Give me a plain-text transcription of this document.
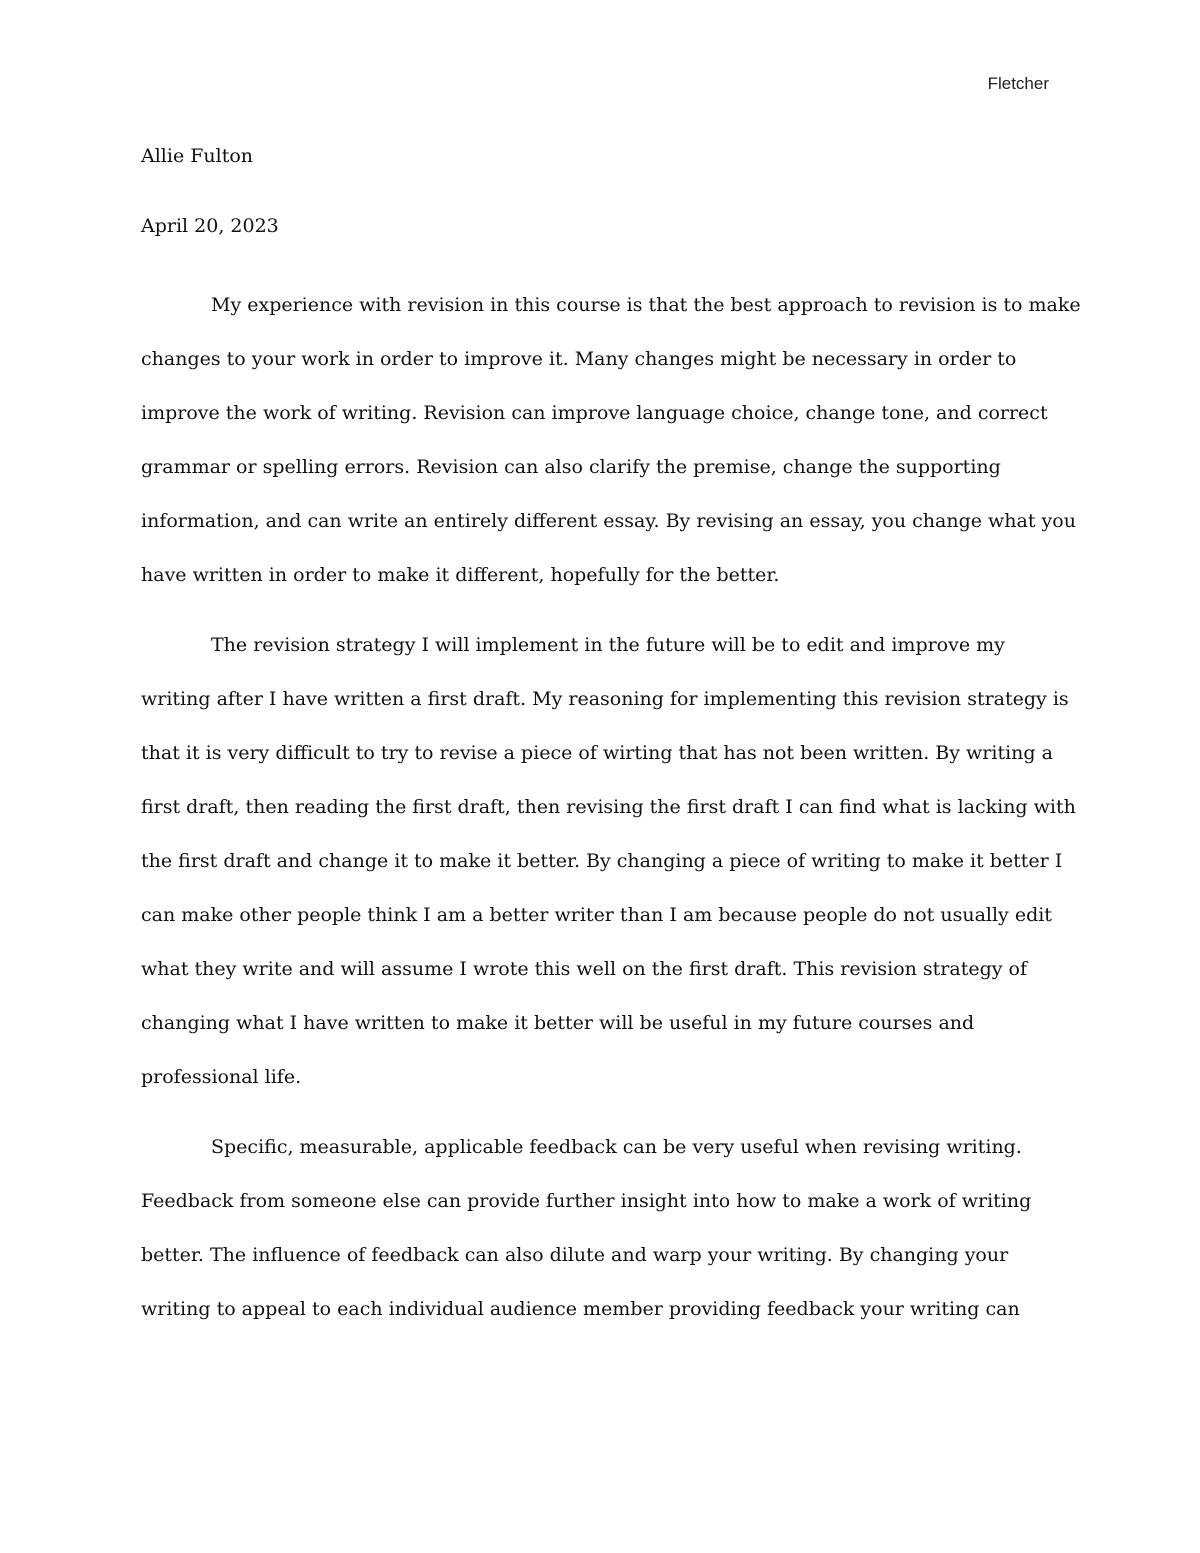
Fletcher
Allie Fulton
April 20, 2023
My experience with revision in this course is that the best approach to revision is to make
changes to your work in order to improve it. Many changes might be necessary in order to
improve the work of writing. Revision can improve language choice, change tone, and correct
grammar or spelling errors. Revision can also clarify the premise, change the supporting
information, and can write an entirely different essay. By revising an essay, you change what you
have written in order to make it different, hopefully for the better.
The revision strategy I will implement in the future will be to edit and improve my
writing after I have written a first draft. My reasoning for implementing this revision strategy is
that it is very difficult to try to revise a piece of wirting that has not been written. By writing a
first draft, then reading the first draft, then revising the first draft I can find what is lacking with
the first draft and change it to make it better. By changing a piece of writing to make it better I
can make other people think I am a better writer than I am because people do not usually edit
what they write and will assume I wrote this well on the first draft. This revision strategy of
changing what I have written to make it better will be useful in my future courses and
professional life.
Specific, measurable, applicable feedback can be very useful when revising writing.
Feedback from someone else can provide further insight into how to make a work of writing
better. The influence of feedback can also dilute and warp your writing. By changing your
writing to appeal to each individual audience member providing feedback your writing can
